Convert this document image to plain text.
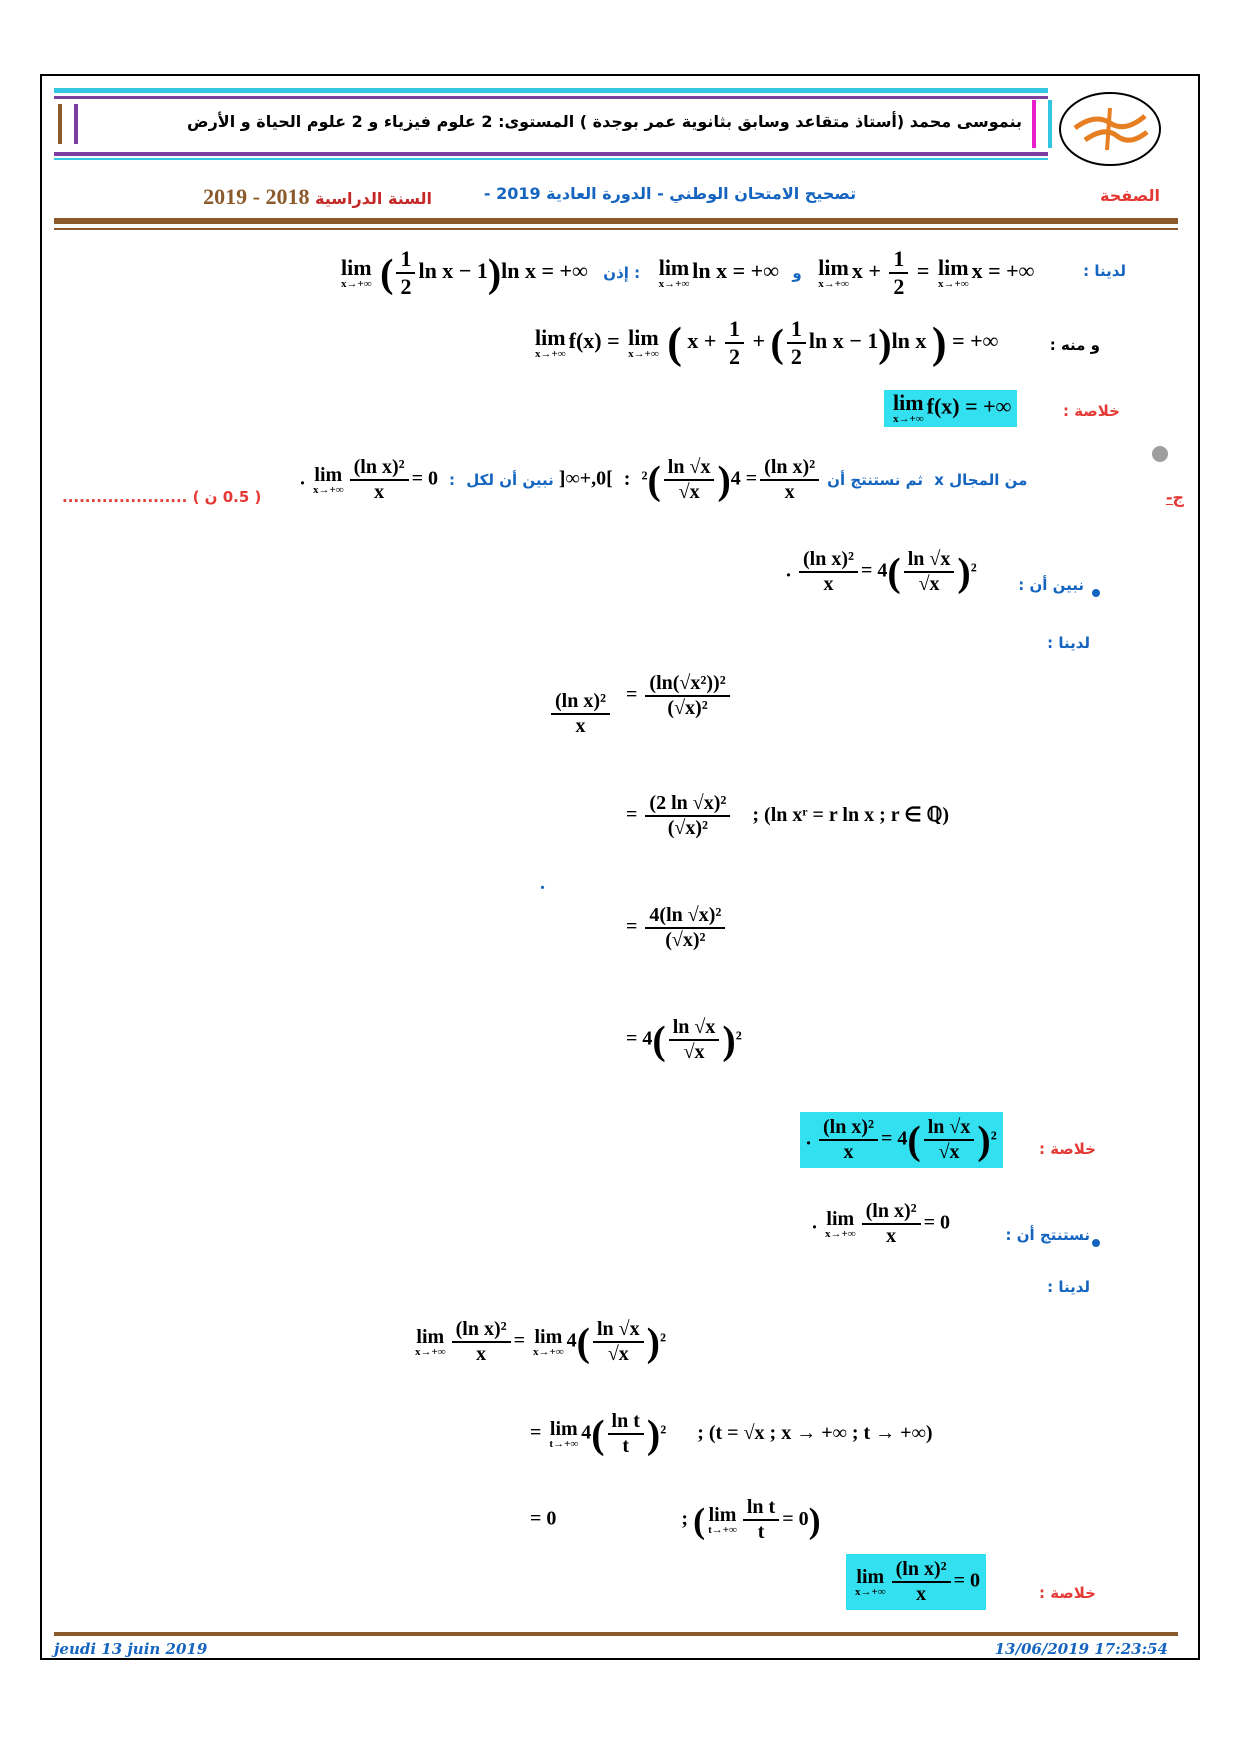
بنموسى محمد (أستاذ متقاعد وسابق بثانوية عمر بوجدة ) المستوى: 2 علوم فيزياء و 2 علوم الحياة و الأرض
الصفحة
تصحيح الامتحان الوطني - الدورة العادية 2019 -
السنة الدراسية 2018 - 2019
لدينا :
lim
x→+∞ ( $\frac{1}{2}$ ln x − 1)ln x = +∞ إذن : lim
x→+∞
ln x = +∞ و lim
x→+∞
$x + \frac{1}{2} = \lim$
x→+∞
x = +∞
و منه :
lim
x→+∞
f(x) = lim
x→+∞ ( $x + \frac{1}{2}$ + ( $\frac{1}{2}$ ln x − 1)ln x ) = +∞
خلاصة :
lim
x→+∞
f(x) = +∞
ج-
( 0.5 ن ) ......................
. lim
$x\to+\infty \frac{\text{(ln x)²}}{x} = 0$ : ثم نستنتج أن
$\frac{\text{(ln x)²}}{x}$
= 4(
$\frac{\ln √x}{√x}$
)² : ]0,+∞[ نبين أن لكل x من المجال
نبين أن :
. $\frac{\text{(ln x)²}}{x} = 4( \frac{\ln √x}{√x} )^2$
لدينا :
$\frac{\text{(ln x)²}}{x} = \frac{\text{(ln(√x²))²}}{\text{(√x)²}}$
= $\frac{\text{(2 ln √x)²}}{\text{(√x)²}}$ ; (ln xʳ = r ln x ; r ∈ ℚ)
.
= $\frac{\text{4(ln √x)²}}{\text{(√x)²}}$
= $4( \frac{\ln √x}{√x} )^2$
خلاصة :
. $\frac{\text{(ln x)²}}{x} = 4( \frac{\ln √x}{√x} )^2$
نستنتج أن :
. lim
$x\to+\infty \frac{\text{(ln x)²}}{x} = 0$
لدينا :
lim
$x\to+\infty \frac{\text{(ln x)²}}{x} = \lim$
x→+∞ $4( \frac{\ln √x}{√x} )^2$
= lim
t→+∞ $4( \frac{\text{ln t}}{t} )^2$ ; (t = √x ; x → +∞ ; t → +∞)
= 0	; ( lim
$t\to+\infty \frac{\text{ln t}}{t} = 0$)
خلاصة :
lim
$x\to+\infty \frac{\text{(ln x)²}}{x} = 0$
jeudi 13 juin 2019	13/06/2019 17:23:54
